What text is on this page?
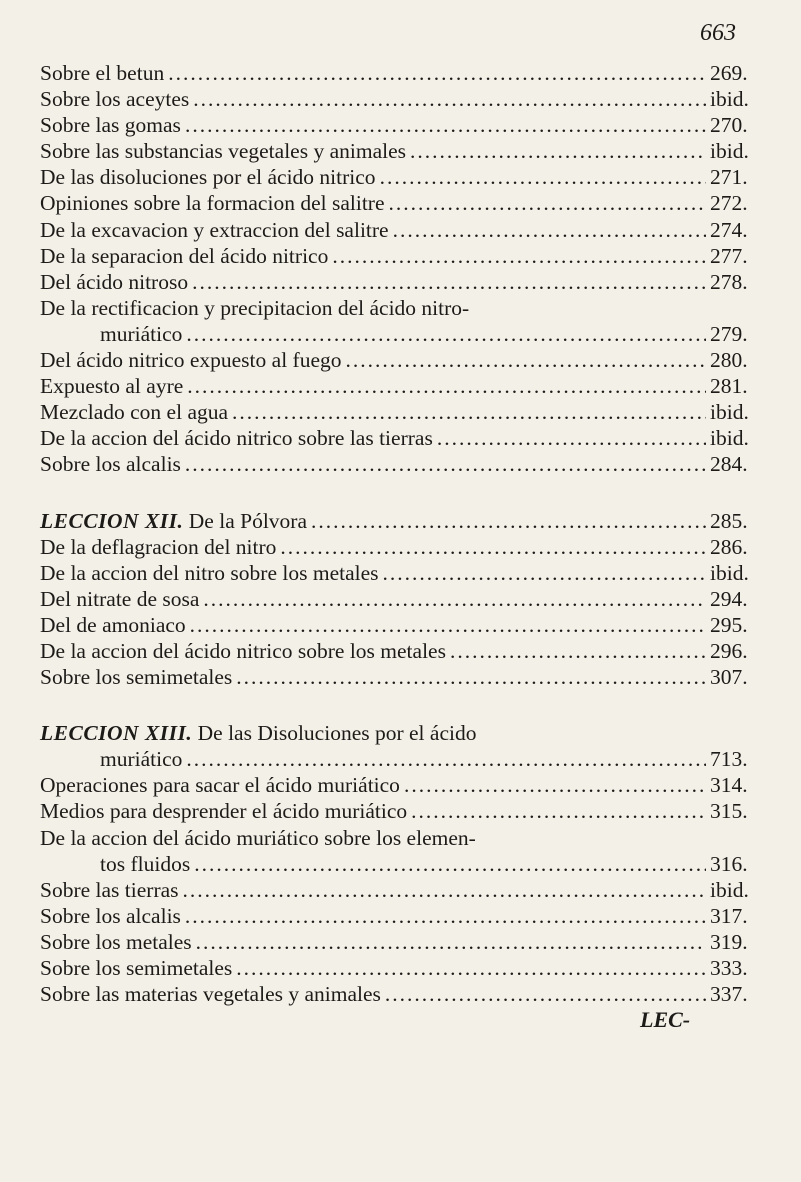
663
Sobre el betun .....	269.
Sobre los aceytes .....	ibid.
Sobre las gomas .....	270.
Sobre las substancias vegetales y animales .....	ibid.
De las disoluciones por el ácido nitrico .....	271.
Opiniones sobre la formacion del salitre .....	272.
De la excavacion y extraccion del salitre .....	274.
De la separacion del ácido nitrico .....	277.
Del ácido nitroso .....	278.
De la rectificacion y precipitacion del ácido nitro-
muriático .....	279.
Del ácido nitrico expuesto al fuego .....	280.
Expuesto al ayre .....	281.
Mezclado con el agua .....	ibid.
De la accion del ácido nitrico sobre las tierras .....	ibid.
Sobre los alcalis .....	284.
LECCION XII. De la Pólvora .....	285.
De la deflagracion del nitro .....	286.
De la accion del nitro sobre los metales .....	ibid.
Del nitrate de sosa .....	294.
Del de amoniaco .....	295.
De la accion del ácido nitrico sobre los metales .....	296.
Sobre los semimetales .....	307.
LECCION XIII. De las Disoluciones por el ácido
muriático .....	713.
Operaciones para sacar el ácido muriático .....	314.
Medios para desprender el ácido muriático .....	315.
De la accion del ácido muriático sobre los elemen-
tos fluidos .....	316.
Sobre las tierras .....	ibid.
Sobre los alcalis .....	317.
Sobre los metales .....	319.
Sobre los semimetales .....	333.
Sobre las materias vegetales y animales .....	337.
LEC-
